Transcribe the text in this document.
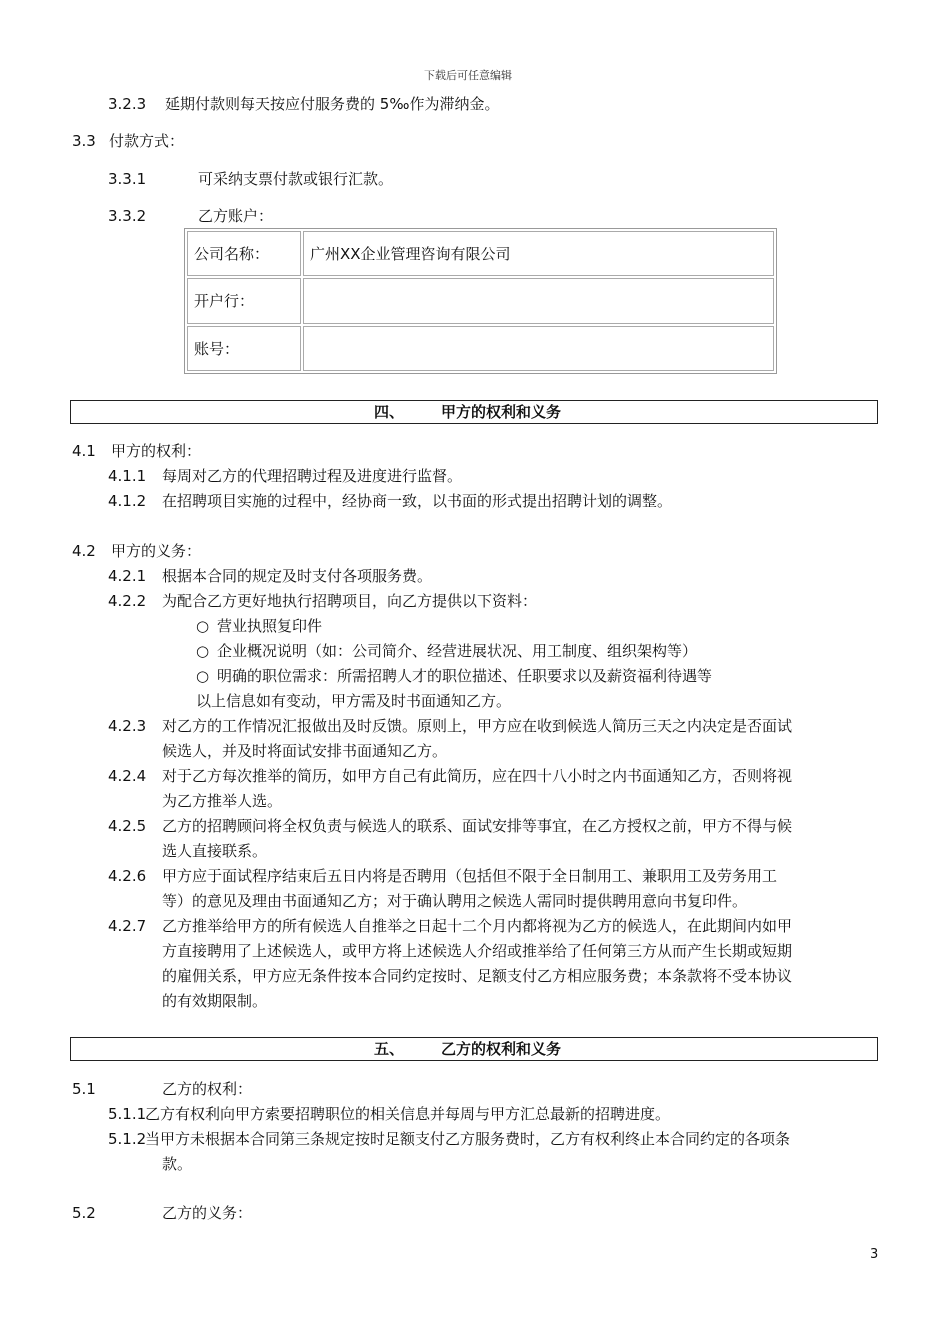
下载后可任意编辑
3.2.3 延期付款则每天按应付服务费的 5‰作为滞纳金。
3.3 付款方式：
3.3.1	可采纳支票付款或银行汇款。
3.3.2	乙方账户：
公司名称：	广州XX企业管理咨询有限公司
开户行：	
账号：	
四、 甲方的权利和义务
4.1 甲方的权利：
4.1.1 每周对乙方的代理招聘过程及进度进行监督。
4.1.2 在招聘项目实施的过程中，经协商一致，以书面的形式提出招聘计划的调整。
4.2 甲方的义务：
4.2.1 根据本合同的规定及时支付各项服务费。
4.2.2 为配合乙方更好地执行招聘项目，向乙方提供以下资料：
○ 营业执照复印件
○ 企业概况说明（如：公司简介、经营进展状况、用工制度、组织架构等）
○ 明确的职位需求：所需招聘人才的职位描述、任职要求以及薪资福利待遇等
以上信息如有变动，甲方需及时书面通知乙方。
4.2.3 对乙方的工作情况汇报做出及时反馈。原则上，甲方应在收到候选人简历三天之内决定是否面试
候选人，并及时将面试安排书面通知乙方。
4.2.4 对于乙方每次推举的简历，如甲方自己有此简历，应在四十八小时之内书面通知乙方，否则将视
为乙方推举人选。
4.2.5 乙方的招聘顾问将全权负责与候选人的联系、面试安排等事宜，在乙方授权之前，甲方不得与候
选人直接联系。
4.2.6 甲方应于面试程序结束后五日内将是否聘用（包括但不限于全日制用工、兼职用工及劳务用工
等）的意见及理由书面通知乙方；对于确认聘用之候选人需同时提供聘用意向书复印件。
4.2.7 乙方推举给甲方的所有候选人自推举之日起十二个月内都将视为乙方的候选人，在此期间内如甲
方直接聘用了上述候选人，或甲方将上述候选人介绍或推举给了任何第三方从而产生长期或短期
的雇佣关系，甲方应无条件按本合同约定按时、足额支付乙方相应服务费；本条款将不受本协议
的有效期限制。
五、 乙方的权利和义务
5.1	乙方的权利：
5.1.1
乙方有权利向甲方索要招聘职位的相关信息并每周与甲方汇总最新的招聘进度。
5.1.2
当甲方未根据本合同第三条规定按时足额支付乙方服务费时，乙方有权利终止本合同约定的各项条
款。
5.2	乙方的义务：
3
